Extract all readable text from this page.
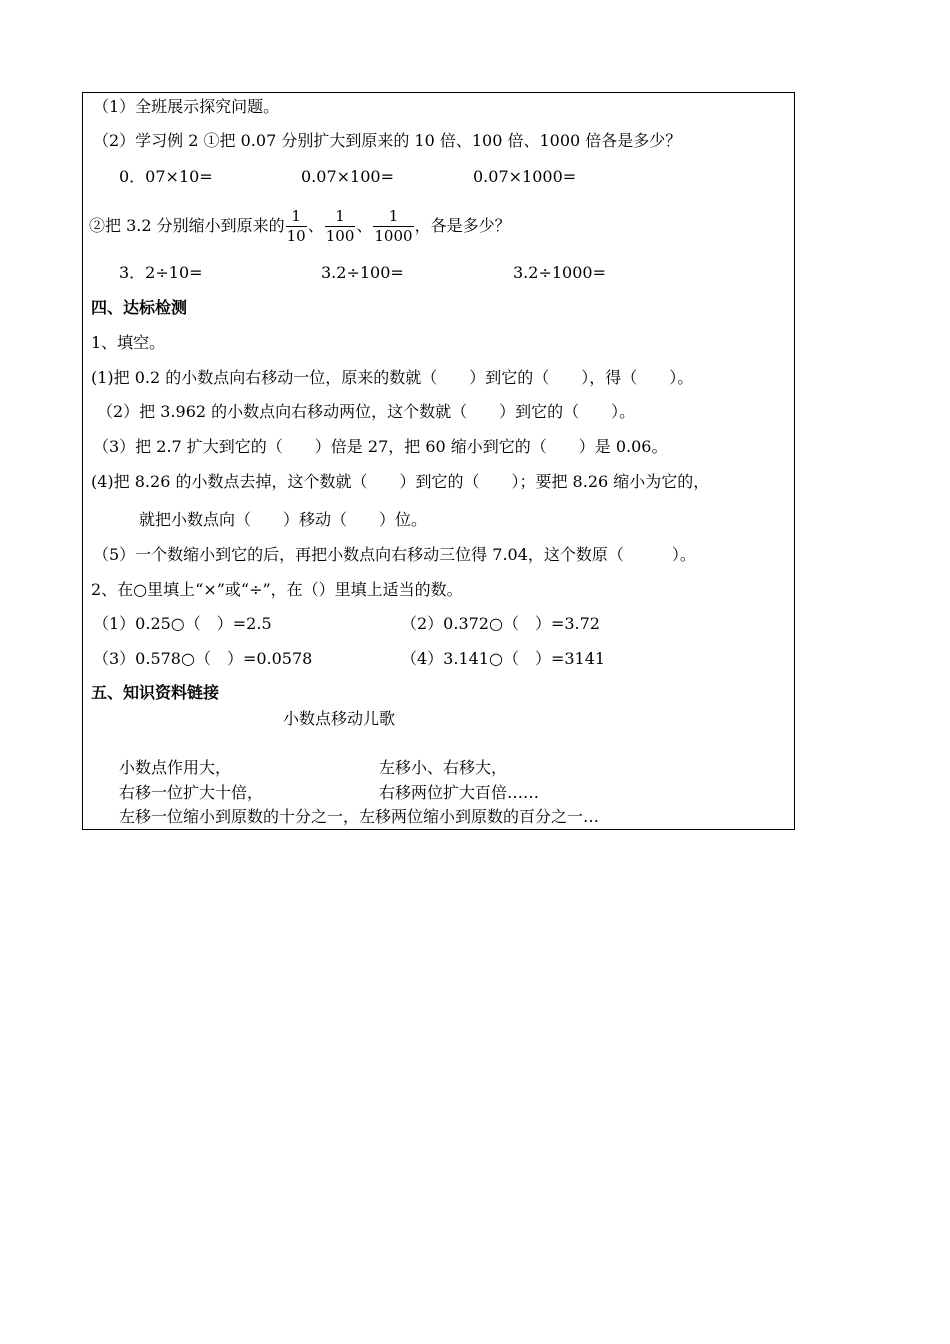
（1）全班展示探究问题。
（2）学习例 2 ①把 0.07 分别扩大到原来的 10 倍、100 倍、1000 倍各是多少？
0．07×10=	0.07×100=	0.07×1000=
②把 3.2 分别缩小到原来的 $\frac{1}{10}$ 、 $\frac{1}{100}$ 、 $\frac{1}{1000}$ ，各是多少？
3．2÷10=	3.2÷100=	3.2÷1000=
四、达标检测
1、填空。
(1)把 0.2 的小数点向右移动一位，原来的数就（　　）到它的（　　），得（　　）。
（2）把 3.962 的小数点向右移动两位，这个数就（　　）到它的（　　）。
（3）把 2.7 扩大到它的（　　）倍是 27，把 60 缩小到它的（　　）是 0.06。
(4)把 8.26 的小数点去掉，这个数就（　　）到它的（　　）；要把 8.26 缩小为它的，
就把小数点向（　　）移动（　　）位。
（5）一个数缩小到它的后，再把小数点向右移动三位得 7.04，这个数原（　　　）。
2、在○里填上“×”或“÷”，在（）里填上适当的数。
（1）0.25○（　）=2.5	（2）0.372○（　）=3.72
（3）0.578○（　）=0.0578	（4）3.141○（　）=3141
五、知识资料链接
小数点移动儿歌
小数点作用大，	左移小、右移大，
右移一位扩大十倍，	右移两位扩大百倍……
左移一位缩小到原数的十分之一，左移两位缩小到原数的百分之一…
